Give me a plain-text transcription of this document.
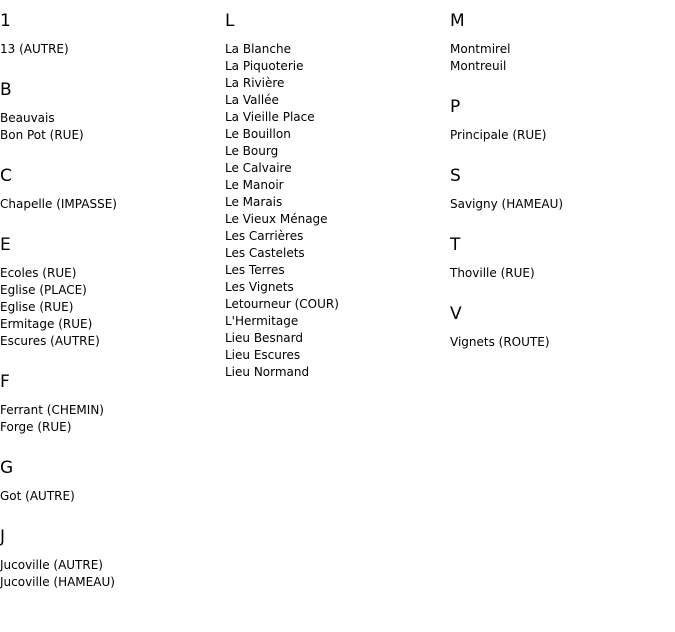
1
13 (AUTRE)
B
Beauvais
Bon Pot (RUE)
C
Chapelle (IMPASSE)
E
Ecoles (RUE)
Eglise (PLACE)
Eglise (RUE)
Ermitage (RUE)
Escures (AUTRE)
F
Ferrant (CHEMIN)
Forge (RUE)
G
Got (AUTRE)
J
Jucoville (AUTRE)
Jucoville (HAMEAU)
L
La Blanche
La Piquoterie
La Rivière
La Vallée
La Vieille Place
Le Bouillon
Le Bourg
Le Calvaire
Le Manoir
Le Marais
Le Vieux Ménage
Les Carrières
Les Castelets
Les Terres
Les Vignets
Letourneur (COUR)
L'Hermitage
Lieu Besnard
Lieu Escures
Lieu Normand
M
Montmirel
Montreuil
P
Principale (RUE)
S
Savigny (HAMEAU)
T
Thoville (RUE)
V
Vignets (ROUTE)
